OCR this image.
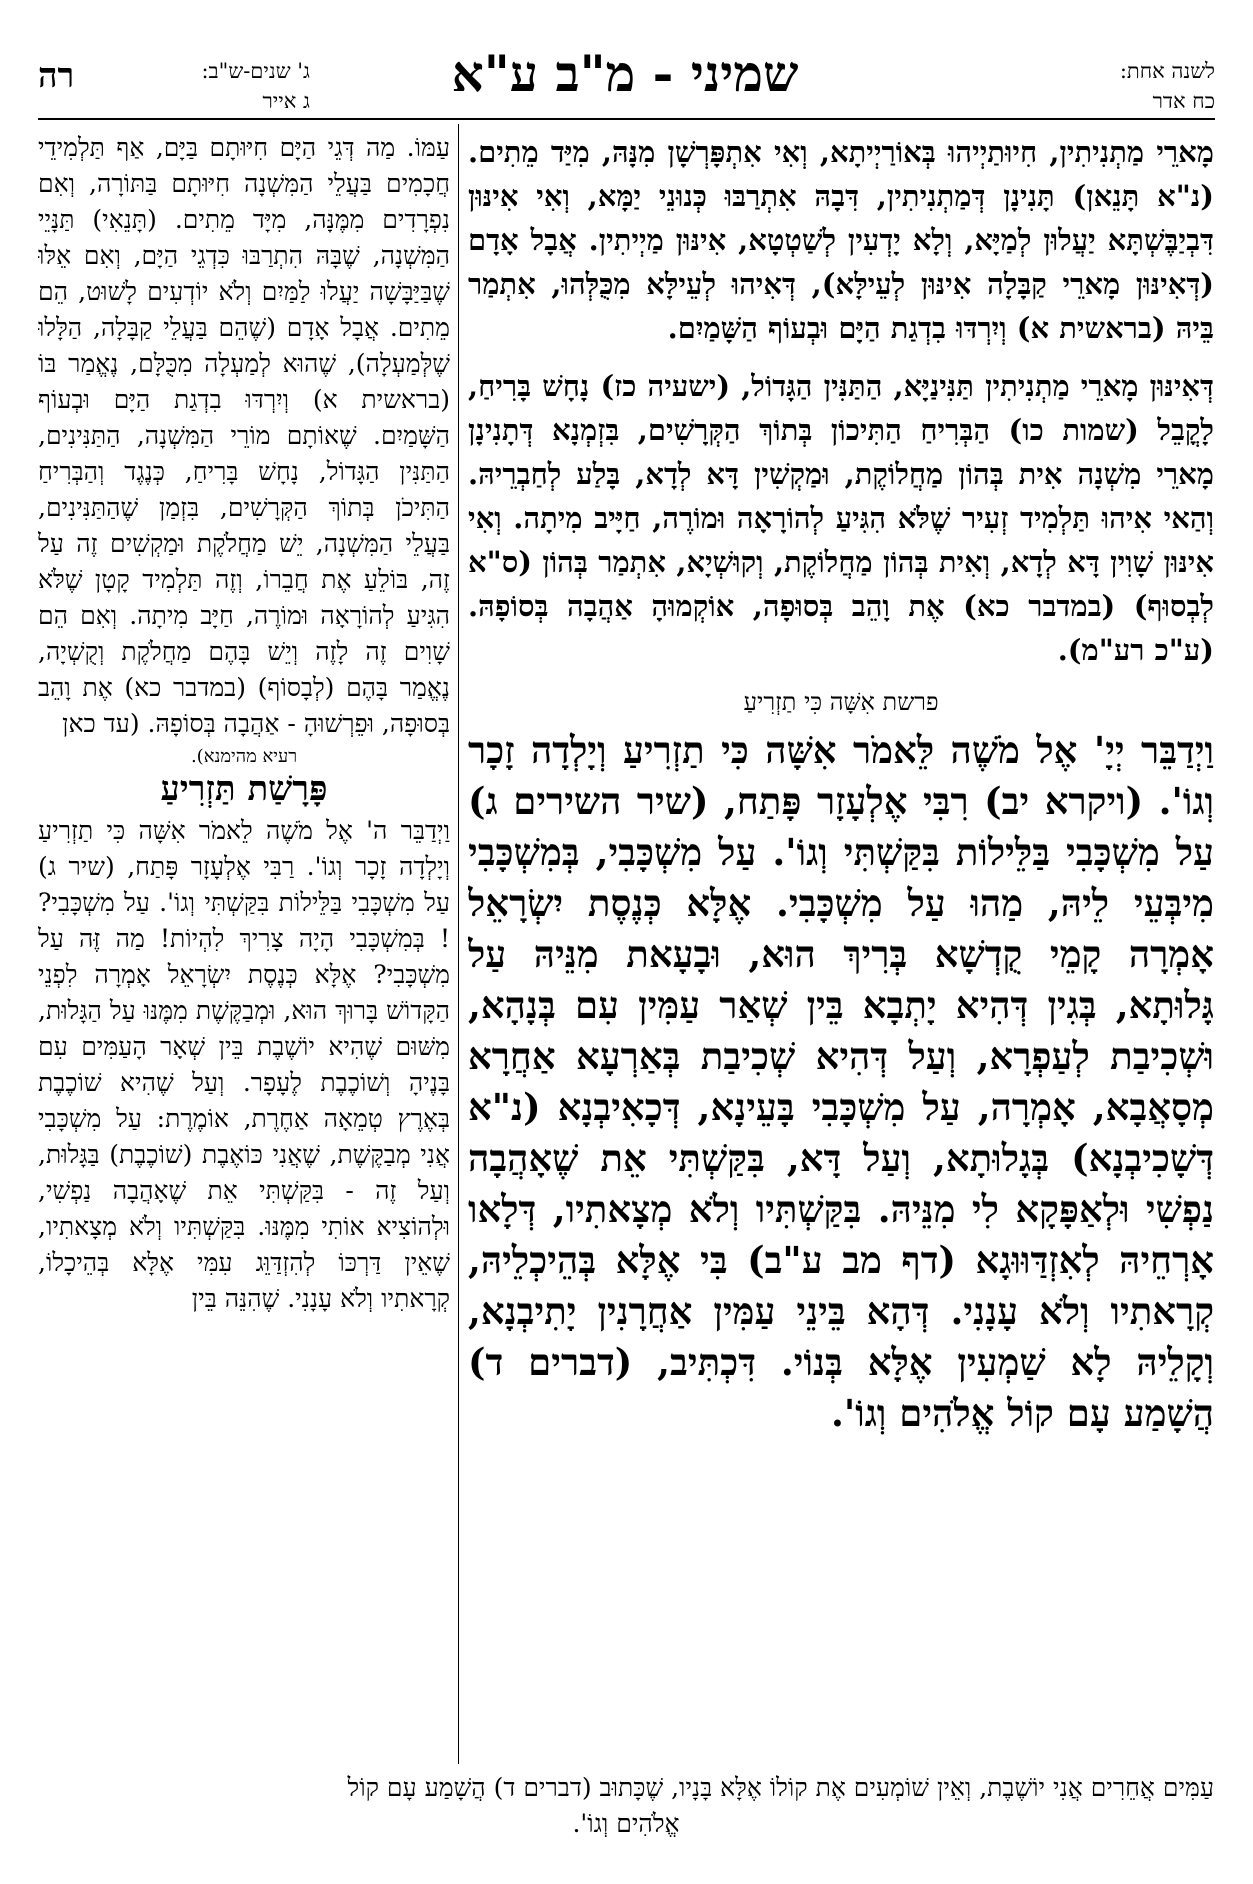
רה	ג' שנים-ש"ב:
ג אייר	שמיני - מ"ב ע"א	לשנה אחת:
כח אדר
מָארֵי מַתְנִיתִין, חִיוּתַיְיהוּ בְּאוֹרַיְיתָא, וְאִי אִתְפָּרְשָׁן מִנָּהּ, מִיַּד מֵתִים. (נ"א תָּנֵאן) תָּנִינָן דְּמַתְנִיתִין, דִּבָהּ אִתְרַבּוּ כְּנוּנֵי יַמָּא, וְאִי אִינּוּן דִּבְיַבֶּשְׁתָּא יַעֲלוּן לְמַיָּא, וְלָא יָדְעִין לְשַׁטְטָא, אִינּוּן מַיְיתִין. אֲבָל אָדָם (דְּאִינּוּן מָארֵי קַבָּלָה אִינּוּן לְעֵילָּא), דְּאִיהוּ לְעֵילָּא מִכֻּלְּהוּ, אִתְמַר בֵּיהּ (בראשית א) וְיִרְדּוּ בִדְגַת הַיָּם וּבְעוֹף הַשָּׁמַיִם.
דְּאִינּוּן מָארֵי מַתְנִיתִין תַּנִּינַיָּא, הַתַּנִּין הַגָּדוֹל, (ישעיה כז) נָחָשׁ בָּרִיחַ, לָקֳבֵל (שמות כו) הַבְּרִיחַ הַתִּיכוֹן בְּתוֹךְ הַקְּרָשִׁים, בִּזְמְנָא דְּתָנִינָן מָארֵי מִשְׁנָה אִית בְּהוֹן מַחֲלוֹקֶת, וּמַקְשִׁין דָּא לְדָא, בָּלַע לְחַבְרֵיהּ. וְהַאי אִיהוּ תַּלְמִיד זְעִיר שֶׁלֹּא הִגִּיעַ לְהוֹרָאָה וּמוֹרֶה, חַיָּיב מִיתָה. וְאִי אִינּוּן שָׁוִין דָּא לְדָא, וְאִית בְּהוֹן מַחֲלוֹקֶת, וְקוּשְׁיָא, אִתְמַר בְּהוֹן (ס"א לְבְסוּף) (במדבר כא) אֶת וָהֵב בְּסוּפָה, אוֹקְמוּהָ אַהֲבָה בְּסוֹפָהּ. (ע"כ רע"מ).
פרשת אִשָּׁה כִּי תַזְרִיעַ
וַיְדַבֵּר יְיָ' אֶל מֹשֶׁה לֵּאמֹר אִשָּׁה כִּי תַזְרִיעַ וְיָלְדָה זָכָר וְגוֹ'. (ויקרא יב) רִבִּי אֶלְעָזָר פָּתַח, (שיר השירים ג) עַל מִשְׁכָּבִי בַּלֵּילוֹת בִּקַּשְׁתִּי וְגוֹ'. עַל מִשְׁכָּבִי, בְּמִשְׁכָּבִי מִיבְּעֵי לֵיהּ, מַהוּ עַל מִשְׁכָּבִי. אֶלָּא כְּנֶסֶת יִשְׂרָאֵל אָמְרָה קָמֵי קֻדְשָׁא בְּרִיךְ הוּא, וּבָעָאת מִנֵּיהּ עַל גָּלוּתָא, בְּגִין דְּהִיא יָתְבָא בֵּין שְׁאַר עַמִּין עִם בְּנָהָא, וּשְׁכִיבַת לְעַפְרָא, וְעַל דְּהִיא שְׁכִיבַת בְּאַרְעָא אַחֲרָא מְסָאֲבָא, אָמְרָה, עַל מִשְׁכָּבִי בָּעֵינָא, דְּכָאִיבְנָא (נ"א דְּשָׁכִיבְנָא) בְּגָלוּתָא, וְעַל דָּא, בִּקַּשְׁתִּי אֵת שֶׁאָהֲבָה נַפְשִׁי וּלְאַפָּקָא לִי מִנֵּיהּ. בִּקַּשְׁתִּיו וְלֹא מְצָאתִיו, דְּלָאו אָרְחֵיהּ לְאִזְדַּוּוּגָא (דף מב ע"ב) בִּי אֶלָּא בְּהֵיכְלֵיהּ, קְרָאתִיו וְלֹא עָנָנִי. דְּהָא בֵּינֵי עַמִּין אַחֲרָנִין יָתִיבְנָא, וְקָלֵיהּ לָא שַׁמְעִין אֶלָּא בְּנוֹי. דִּכְתִּיב, (דברים ד) הֲשָׁמַע עָם קוֹל אֱלֹהִים וְגוֹ'.
עַמּוֹ. מַה דְּגֵי הַיָּם חִיּוּתָם בַּיָּם, אַף תַּלְמִידֵי חֲכָמִים בַּעֲלֵי הַמִּשְׁנָה חִיּוּתָם בַּתּוֹרָה, וְאִם נִפְרָדִים מִמֶּנָּה, מִיָּד מֵתִים. (תָּנֵאִי) תַּנָּיֵי הַמִּשְׁנָה, שֶׁבָּהּ הִתְרַבּוּ כִּדְגֵי הַיָּם, וְאִם אֵלּוּ שֶׁבַּיַּבָּשָׁה יַעֲלוּ לַמַּיִם וְלֹא יוֹדְעִים לָשׁוּט, הֵם מֵתִים. אֲבָל אָדָם (שֶׁהֵם בַּעֲלֵי קַבָּלָה, הַלָּלוּ שֶׁלְּמַעְלָה), שֶׁהוּא לְמַעְלָה מִכֻּלָּם, נֶאֱמַר בּוֹ (בראשית א) וְיִרְדּוּ בִדְגַת הַיָּם וּבְעוֹף הַשָּׁמַיִם. שֶׁאוֹתָם מוֹרֵי הַמִּשְׁנָה, הַתַּנִּינִים, הַתַּנִּין הַגָּדוֹל, נָחָשׁ בָּרִיחַ, כְּנֶגֶד וְהַבְּרִיחַ הַתִּיכֹן בְּתוֹךְ הַקְּרָשִׁים, בִּזְמַן שֶׁהַתַּנִּינִים, בַּעֲלֵי הַמִּשְׁנָה, יֵשׁ מַחֲלֹקֶת וּמַקְשִׁים זֶה עַל זֶה, בּוֹלֵעַ אֶת חֲבֵרוֹ, וְזֶה תַּלְמִיד קָטָן שֶׁלֹּא הִגִּיעַ לְהוֹרָאָה וּמוֹרֶה, חַיָּב מִיתָה. וְאִם הֵם שָׁוִים זֶה לָזֶה וְיֵשׁ בָּהֶם מַחֲלֹקֶת וְקֻשְׁיָה, נֶאֱמַר בָּהֶם (לְבָסוֹף) (במדבר כא) אֶת וָהֵב בְּסוּפָה, וּפֵרְשׁוּהָ - אַהֲבָה בְּסוֹפָהּ. (עד כאן
רעיא מהימנא).
פָּרָשַׁת תַּזְרִיעַ
וַיְדַבֵּר ה' אֶל מֹשֶׁה לֵאמֹר אִשָּׁה כִּי תַזְרִיעַ וְיָלְדָה זָכָר וְגוֹ'. רַבִּי אֶלְעָזָר פָּתַח, (שיר ג) עַל מִשְׁכָּבִי בַּלֵּילוֹת בִּקַּשְׁתִּי וְגוֹ'. עַל מִשְׁכָּבִי? ! בְּמִשְׁכָּבִי הָיָה צָרִיךְ לִהְיוֹת! מַה זֶּה עַל מִשְׁכָּבִי? אֶלָּא כְּנֶסֶת יִשְׂרָאֵל אָמְרָה לִפְנֵי הַקָּדוֹשׁ בָּרוּךְ הוּא, וּמְבַקֶּשֶׁת מִמֶּנּוּ עַל הַגָּלוּת, מִשּׁוּם שֶׁהִיא יוֹשֶׁבֶת בֵּין שְׁאָר הָעַמִּים עִם בָּנֶיהָ וְשׁוֹכֶבֶת לֶעָפָר. וְעַל שֶׁהִיא שׁוֹכֶבֶת בְּאֶרֶץ טְמֵאָה אַחֶרֶת, אוֹמֶרֶת: עַל מִשְׁכָּבִי אֲנִי מְבַקֶּשֶׁת, שֶׁאֲנִי כּוֹאֶבֶת (שׁוֹכֶבֶת) בַּגָּלוּת, וְעַל זֶה - בִּקַּשְׁתִּי אֵת שֶׁאָהֲבָה נַפְשִׁי, וּלְהוֹצִיא אוֹתִי מִמֶּנּוּ. בִּקַּשְׁתִּיו וְלֹא מְצָאתִיו, שֶׁאֵין דַּרְכּוֹ לְהִזְדַּוֵּג עִמִּי אֶלָּא בְּהֵיכָלוֹ, קְרָאתִיו וְלֹא עָנָנִי. שֶׁהִנֵּה בֵּין
עַמִּים אֲחֵרִים אֲנִי יוֹשֶׁבֶת, וְאֵין שׁוֹמְעִים אֶת קוֹלוֹ אֶלָּא בָּנָיו, שֶׁכָּתוּב (דברים ד) הֲשָׁמַע עָם קוֹל
אֱלֹהִים וְגוֹ'.
